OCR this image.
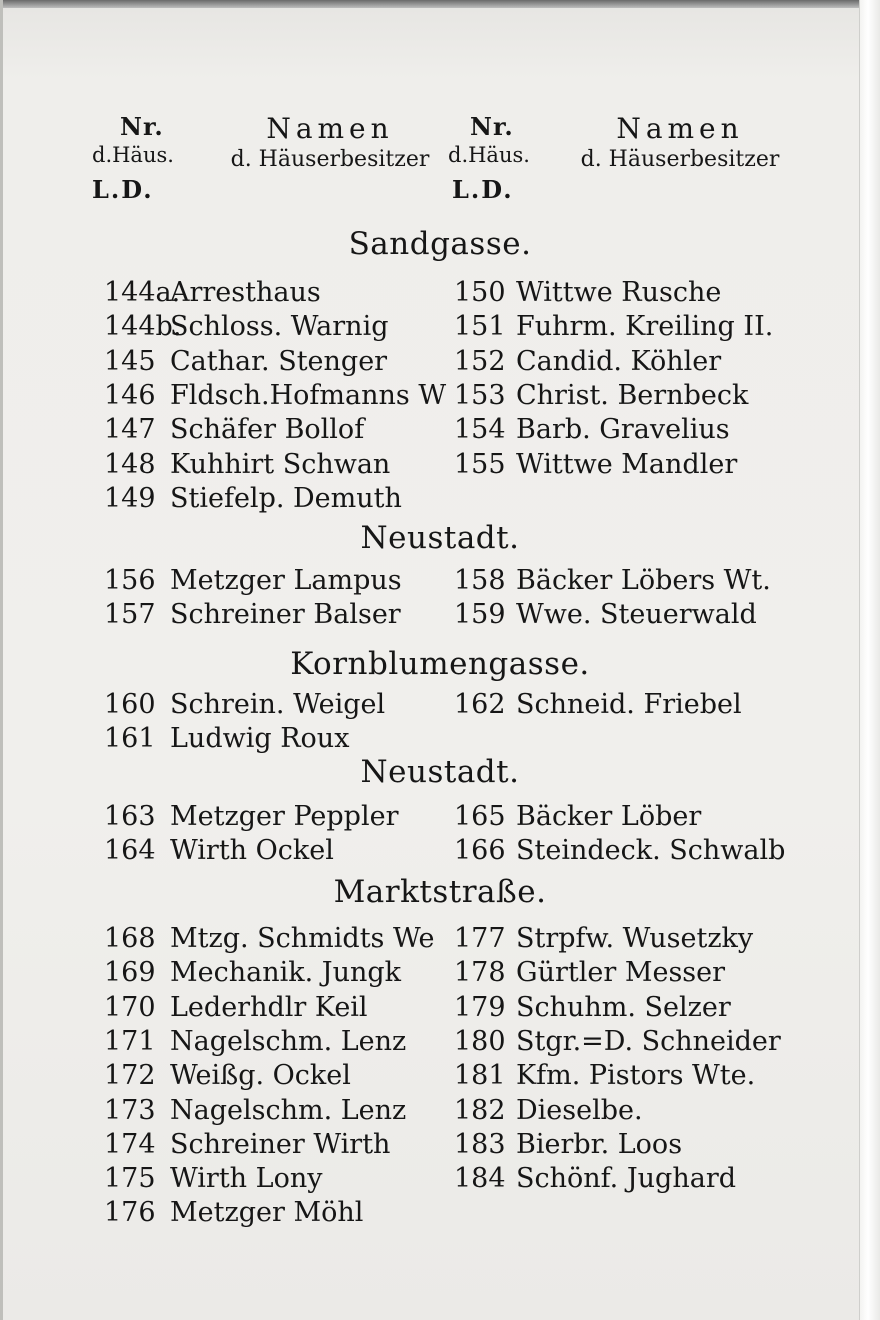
Nr.
d.Häus.
L.D.
Namen
d. Häuserbesitzer
Nr.
d.Häus.
L.D.
Namen
d. Häuserbesitzer
Sandgasse.
144a.Arresthaus
144b.Schloss. Warnig
145 Cathar. Stenger
146 Fldsch.Hofmanns W
147 Schäfer Bollof
148 Kuhhirt Schwan
149 Stiefelp. Demuth
150 Wittwe Rusche
151 Fuhrm. Kreiling II.
152 Candid. Köhler
153 Christ. Bernbeck
154 Barb. Gravelius
155 Wittwe Mandler
Neustadt.
156 Metzger Lampus
157 Schreiner Balser
158 Bäcker Löbers Wt.
159 Wwe. Steuerwald
Kornblumengasse.
160 Schrein. Weigel
161 Ludwig Roux
162 Schneid. Friebel
Neustadt.
163 Metzger Peppler
164 Wirth Ockel
165 Bäcker Löber
166 Steindeck. Schwalb
Marktstraße.
168 Mtzg. Schmidts We
169 Mechanik. Jungk
170 Lederhdlr Keil
171 Nagelschm. Lenz
172 Weißg. Ockel
173 Nagelschm. Lenz
174 Schreiner Wirth
175 Wirth Lony
176 Metzger Möhl
177 Strpfw. Wusetzky
178 Gürtler Messer
179 Schuhm. Selzer
180 Stgr.=D. Schneider
181 Kfm. Pistors Wte.
182 Dieselbe.
183 Bierbr. Loos
184 Schönf. Jughard
